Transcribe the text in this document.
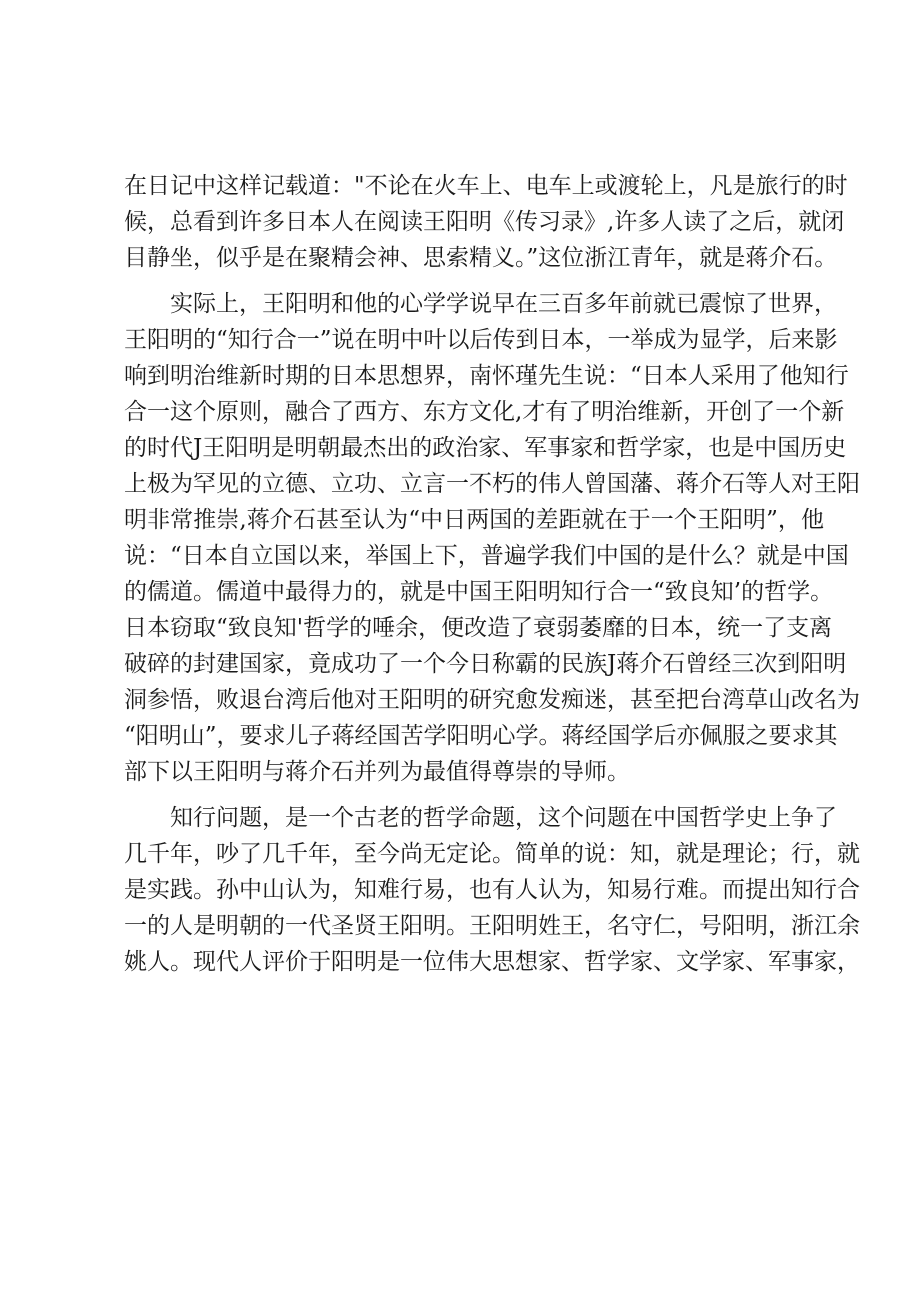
在日记中这样记载道："不论在火车上、电车上或渡轮上，凡是旅行的时
候，总看到许多日本人在阅读王阳明《传习录》,许多人读了之后，就闭
目静坐，似乎是在聚精会神、思索精义。”这位浙江青年，就是蒋介石。
实际上，王阳明和他的心学学说早在三百多年前就已震惊了世界，
王阳明的“知行合一”说在明中叶以后传到日本，一举成为显学，后来影
响到明治维新时期的日本思想界，南怀瑾先生说：“日本人采用了他知行
合一这个原则，融合了西方、东方文化,才有了明治维新，开创了一个新
的时代J王阳明是明朝最杰出的政治家、军事家和哲学家，也是中国历史
上极为罕见的立德、立功、立言一不朽的伟人曾国藩、蒋介石等人对王阳
明非常推崇,蒋介石甚至认为“中日两国的差距就在于一个王阳明”，他
说：“日本自立国以来，举国上下，普遍学我们中国的是什么？就是中国
的儒道。儒道中最得力的，就是中国王阳明知行合一“致良知’的哲学。
日本窃取“致良知'哲学的唾余，便改造了衰弱萎靡的日本，统一了支离
破碎的封建国家，竟成功了一个今日称霸的民族J蒋介石曾经三次到阳明
洞参悟，败退台湾后他对王阳明的研究愈发痴迷，甚至把台湾草山改名为
“阳明山”，要求儿子蒋经国苦学阳明心学。蒋经国学后亦佩服之要求其
部下以王阳明与蒋介石并列为最值得尊崇的导师。
知行问题，是一个古老的哲学命题，这个问题在中国哲学史上争了
几千年，吵了几千年，至今尚无定论。简单的说：知，就是理论；行，就
是实践。孙中山认为，知难行易，也有人认为，知易行难。而提出知行合
一的人是明朝的一代圣贤王阳明。王阳明姓王，名守仁，号阳明，浙江余
姚人。现代人评价于阳明是一位伟大思想家、哲学家、文学家、军事家，
